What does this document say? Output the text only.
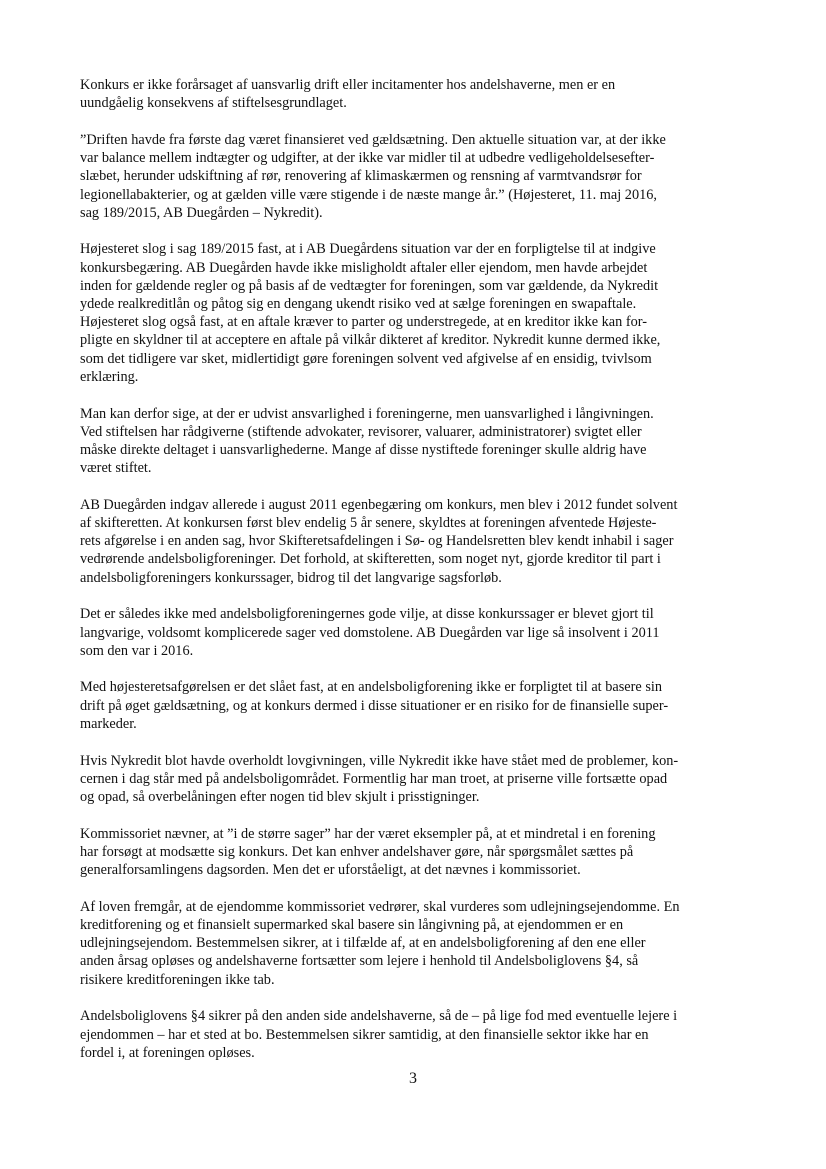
Konkurs er ikke forårsaget af uansvarlig drift eller incitamenter hos andelshaverne, men er en
uundgåelig konsekvens af stiftelsesgrundlaget.

”Driften havde fra første dag været finansieret ved gældsætning. Den aktuelle situation var, at der ikke
var balance mellem indtægter og udgifter, at der ikke var midler til at udbedre vedligeholdelsesefter-
slæbet, herunder udskiftning af rør, renovering af klimaskærmen og rensning af varmtvandsrør for
legionellabakterier, og at gælden ville være stigende i de næste mange år.” (Højesteret, 11. maj 2016,
sag 189/2015, AB Duegården – Nykredit).

Højesteret slog i sag 189/2015 fast, at i AB Duegårdens situation var der en forpligtelse til at indgive
konkursbegæring. AB Duegården havde ikke misligholdt aftaler eller ejendom, men havde arbejdet
inden for gældende regler og på basis af de vedtægter for foreningen, som var gældende, da Nykredit
ydede realkreditlån og påtog sig en dengang ukendt risiko ved at sælge foreningen en swapaftale.
Højesteret slog også fast, at en aftale kræver to parter og understregede, at en kreditor ikke kan for-
pligte en skyldner til at acceptere en aftale på vilkår dikteret af kreditor. Nykredit kunne dermed ikke,
som det tidligere var sket, midlertidigt gøre foreningen solvent ved afgivelse af en ensidig, tvivlsom
erklæring.

Man kan derfor sige, at der er udvist ansvarlighed i foreningerne, men uansvarlighed i långivningen.
Ved stiftelsen har rådgiverne (stiftende advokater, revisorer, valuarer, administratorer) svigtet eller
måske direkte deltaget i uansvarlighederne. Mange af disse nystiftede foreninger skulle aldrig have
været stiftet.

AB Duegården indgav allerede i august 2011 egenbegæring om konkurs, men blev i 2012 fundet solvent
af skifteretten. At konkursen først blev endelig 5 år senere, skyldtes at foreningen afventede Højeste-
rets afgørelse i en anden sag, hvor Skifteretsafdelingen i Sø- og Handelsretten blev kendt inhabil i sager
vedrørende andelsboligforeninger. Det forhold, at skifteretten, som noget nyt, gjorde kreditor til part i
andelsboligforeningers konkurssager, bidrog til det langvarige sagsforløb.

Det er således ikke med andelsboligforeningernes gode vilje, at disse konkurssager er blevet gjort til
langvarige, voldsomt komplicerede sager ved domstolene. AB Duegården var lige så insolvent i 2011
som den var i 2016.

Med højesteretsafgørelsen er det slået fast, at en andelsboligforening ikke er forpligtet til at basere sin
drift på øget gældsætning, og at konkurs dermed i disse situationer er en risiko for de finansielle super-
markeder.

Hvis Nykredit blot havde overholdt lovgivningen, ville Nykredit ikke have stået med de problemer, kon-
cernen i dag står med på andelsboligområdet. Formentlig har man troet, at priserne ville fortsætte opad
og opad, så overbelåningen efter nogen tid blev skjult i prisstigninger.

Kommissoriet nævner, at ”i de større sager” har der været eksempler på, at et mindretal i en forening
har forsøgt at modsætte sig konkurs. Det kan enhver andelshaver gøre, når spørgsmålet sættes på
generalforsamlingens dagsorden. Men det er uforståeligt, at det nævnes i kommissoriet.

Af loven fremgår, at de ejendomme kommissoriet vedrører, skal vurderes som udlejningsejendomme. En
kreditforening og et finansielt supermarked skal basere sin långivning på, at ejendommen er en
udlejningsejendom. Bestemmelsen sikrer, at i tilfælde af, at en andelsboligforening af den ene eller
anden årsag opløses og andelshaverne fortsætter som lejere i henhold til Andelsboliglovens §4, så
risikere kreditforeningen ikke tab.

Andelsboliglovens §4 sikrer på den anden side andelshaverne, så de – på lige fod med eventuelle lejere i
ejendommen – har et sted at bo. Bestemmelsen sikrer samtidig, at den finansielle sektor ikke har en
fordel i, at foreningen opløses.

3
